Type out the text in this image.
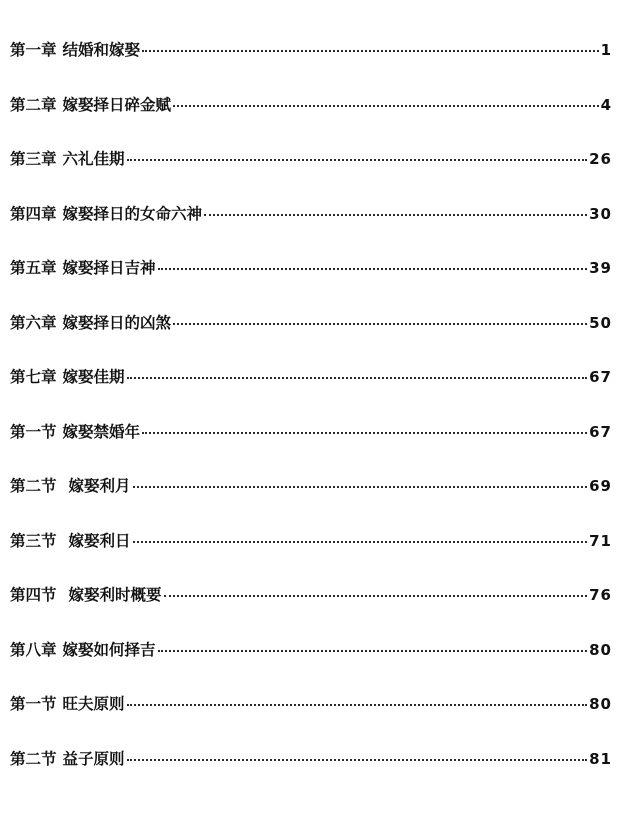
第一章 结婚和嫁娶	1
第二章 嫁娶择日碎金赋	4
第三章 六礼佳期	26
第四章 嫁娶择日的女命六神	30
第五章 嫁娶择日吉神	39
第六章 嫁娶择日的凶煞	50
第七章 嫁娶佳期	67
第一节 嫁娶禁婚年	67
第二节 嫁娶利月	69
第三节 嫁娶利日	71
第四节 嫁娶利时概要	76
第八章 嫁娶如何择吉	80
第一节 旺夫原则	80
第二节 益子原则	81
